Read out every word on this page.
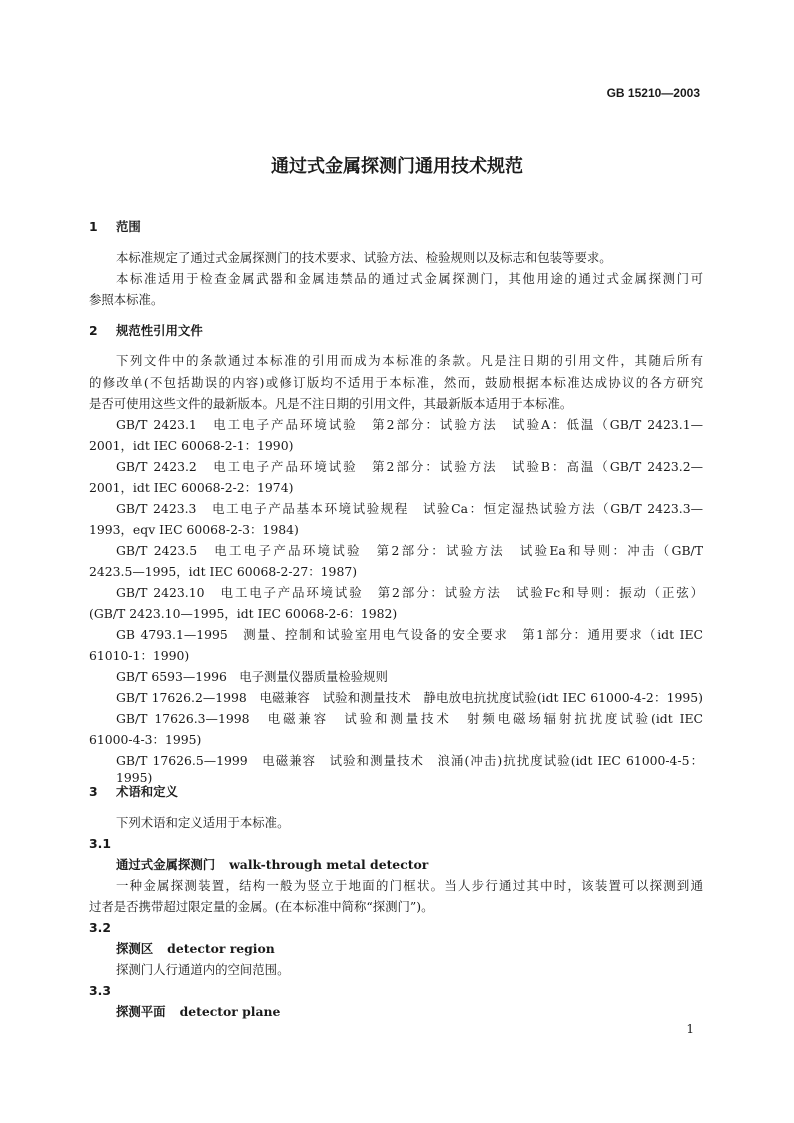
GB 15210—2003
通过式金属探测门通用技术规范
1 范围
本标准规定了通过式金属探测门的技术要求、试验方法、检验规则以及标志和包装等要求。
本标准适用于检查金属武器和金属违禁品的通过式金属探测门，其他用途的通过式金属探测门可
参照本标准。
2 规范性引用文件
下列文件中的条款通过本标准的引用而成为本标准的条款。凡是注日期的引用文件，其随后所有
的修改单(不包括勘误的内容)或修订版均不适用于本标准，然而，鼓励根据本标准达成协议的各方研究
是否可使用这些文件的最新版本。凡是不注日期的引用文件，其最新版本适用于本标准。
GB/T 2423.1　电工电子产品环境试验　第2部分：试验方法　试验A：低温（GB/T 2423.1—
2001，idt IEC 60068-2-1：1990)
GB/T 2423.2　电工电子产品环境试验　第2部分：试验方法　试验B：高温（GB/T 2423.2—
2001，idt IEC 60068-2-2：1974)
GB/T 2423.3　电工电子产品基本环境试验规程　试验Ca：恒定湿热试验方法（GB/T 2423.3—
1993，eqv IEC 60068-2-3：1984)
GB/T 2423.5　电工电子产品环境试验　第2部分：试验方法　试验Ea和导则：冲击（GB/T
2423.5—1995，idt IEC 60068-2-27：1987)
GB/T 2423.10　电工电子产品环境试验　第2部分：试验方法　试验Fc和导则：振动（正弦）
(GB/T 2423.10—1995，idt IEC 60068-2-6：1982)
GB 4793.1—1995　测量、控制和试验室用电气设备的安全要求　第1部分：通用要求（idt IEC
61010-1：1990)
GB/T 6593—1996　电子测量仪器质量检验规则
GB/T 17626.2—1998　电磁兼容　试验和测量技术　静电放电抗扰度试验(idt IEC 61000-4-2：1995)
GB/T 17626.3—1998　电磁兼容　试验和测量技术　射频电磁场辐射抗扰度试验(idt IEC
61000-4-3：1995)
GB/T 17626.5—1999　电磁兼容　试验和测量技术　浪涌(冲击)抗扰度试验(idt IEC 61000-4-5：1995)
3 术语和定义
下列术语和定义适用于本标准。
3.1
通过式金属探测门 walk-through metal detector
一种金属探测装置，结构一般为竖立于地面的门框状。当人步行通过其中时，该装置可以探测到通
过者是否携带超过限定量的金属。(在本标准中简称“探测门”)。
3.2
探测区 detector region
探测门人行通道内的空间范围。
3.3
探测平面 detector plane
1
